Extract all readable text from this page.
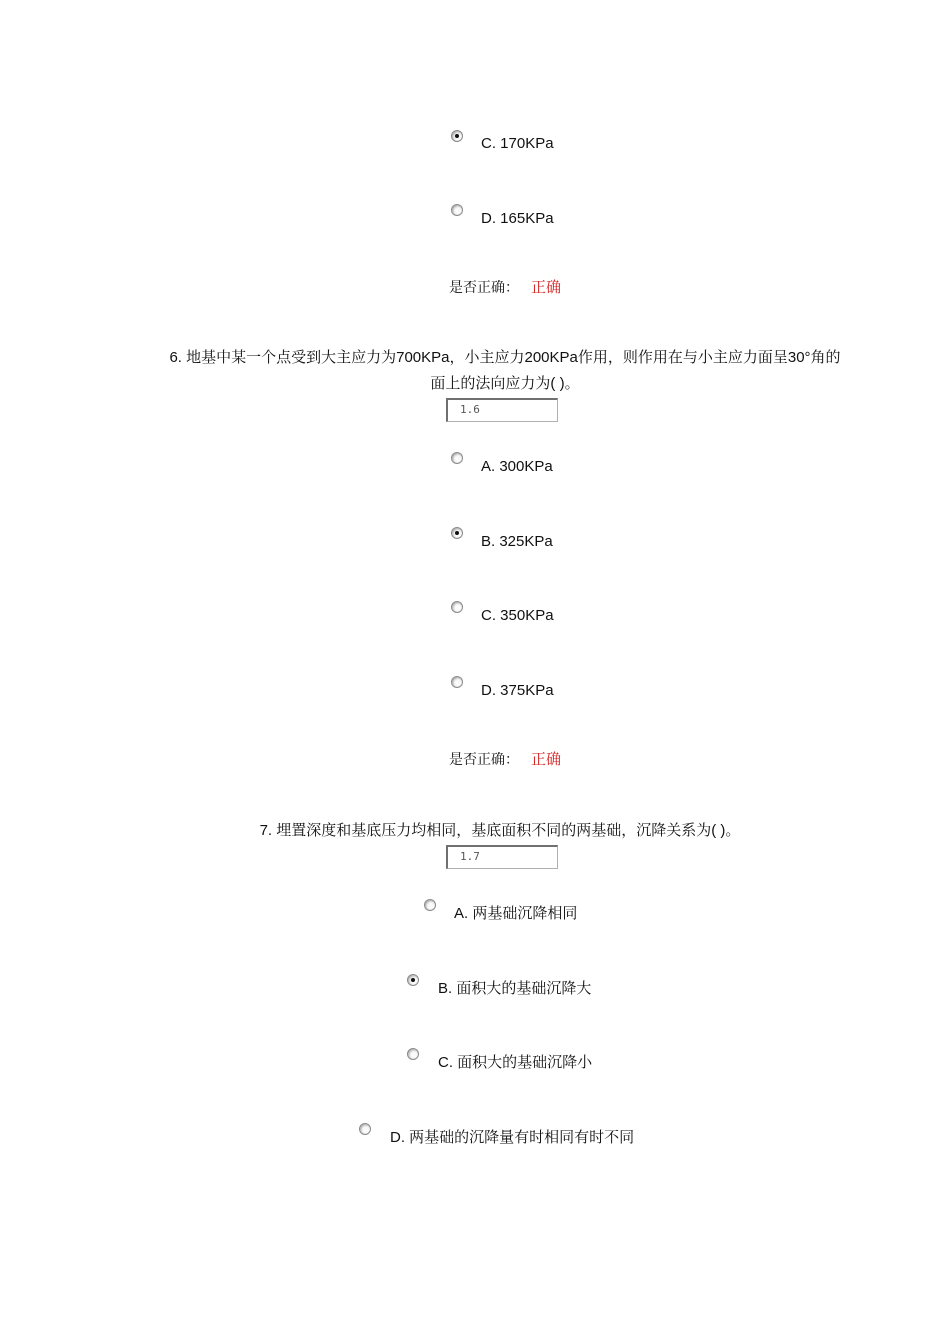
C. 170KPa
D. 165KPa
是否正确： 正确
6. 地基中某一个点受到大主应力为700KPa，小主应力200KPa作用，则作用在与小主应力面呈30°角的
面上的法向应力为( )。
1.6
A. 300KPa
B. 325KPa
C. 350KPa
D. 375KPa
是否正确： 正确
7. 埋置深度和基底压力均相同，基底面积不同的两基础，沉降关系为( )。
1.7
A. 两基础沉降相同
B. 面积大的基础沉降大
C. 面积大的基础沉降小
D. 两基础的沉降量有时相同有时不同
